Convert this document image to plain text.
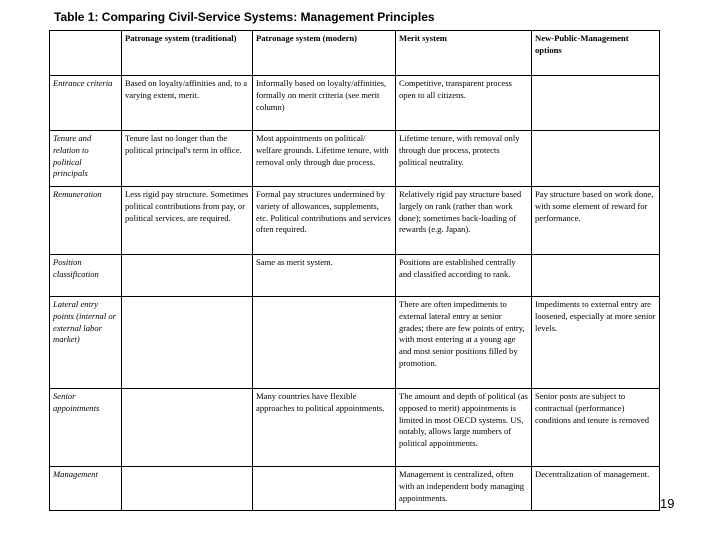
Table 1: Comparing Civil-Service Systems: Management Principles
	Patronage system (traditional)	Patronage system (modern)	Merit system	New-Public-Management options
Entrance criteria	Based on loyalty/affinities and, to a varying extent, merit.	Informally based on loyalty/affinities, formally on merit criteria (see merit column)	Competitive, transparent process open to all citizens.	
Tenure and relation to political principals	Tenure last no longer than the political principal's term in office.	Most appointments on political/ welfare grounds. Lifetime tenure, with removal only through due process.	Lifetime tenure, with removal only through due process, protects political neutrality.	
Remuneration	Less rigid pay structure. Sometimes political contributions from pay, or political services, are required.	Formal pay structures undermined by variety of allowances, supplements, etc. Political contributions and services often required.	Relatively rigid pay structure based largely on rank (rather than work done); sometimes back-loading of rewards (e.g. Japan).	Pay structure based on work done, with some element of reward for performance.
Position classification		Same as merit system.	Positions are established centrally and classified according to rank.	
Lateral entry points (internal or external labor market)			There are often impediments to external lateral entry at senior grades; there are few points of entry, with most entering at a young age and most senior positions filled by promotion.	Impediments to external entry are loosened, especially at more senior levels.
Senior appointments		Many countries have flexible approaches to political appointments.	The amount and depth of political (as opposed to merit) appointments is limited in most OECD systems. US, notably, allows large numbers of political appointments.	Senior posts are subject to contractual (performance) conditions and tenure is removed
Management			Management is centralized, often with an independent body managing appointments.	Decentralization of management.
19
